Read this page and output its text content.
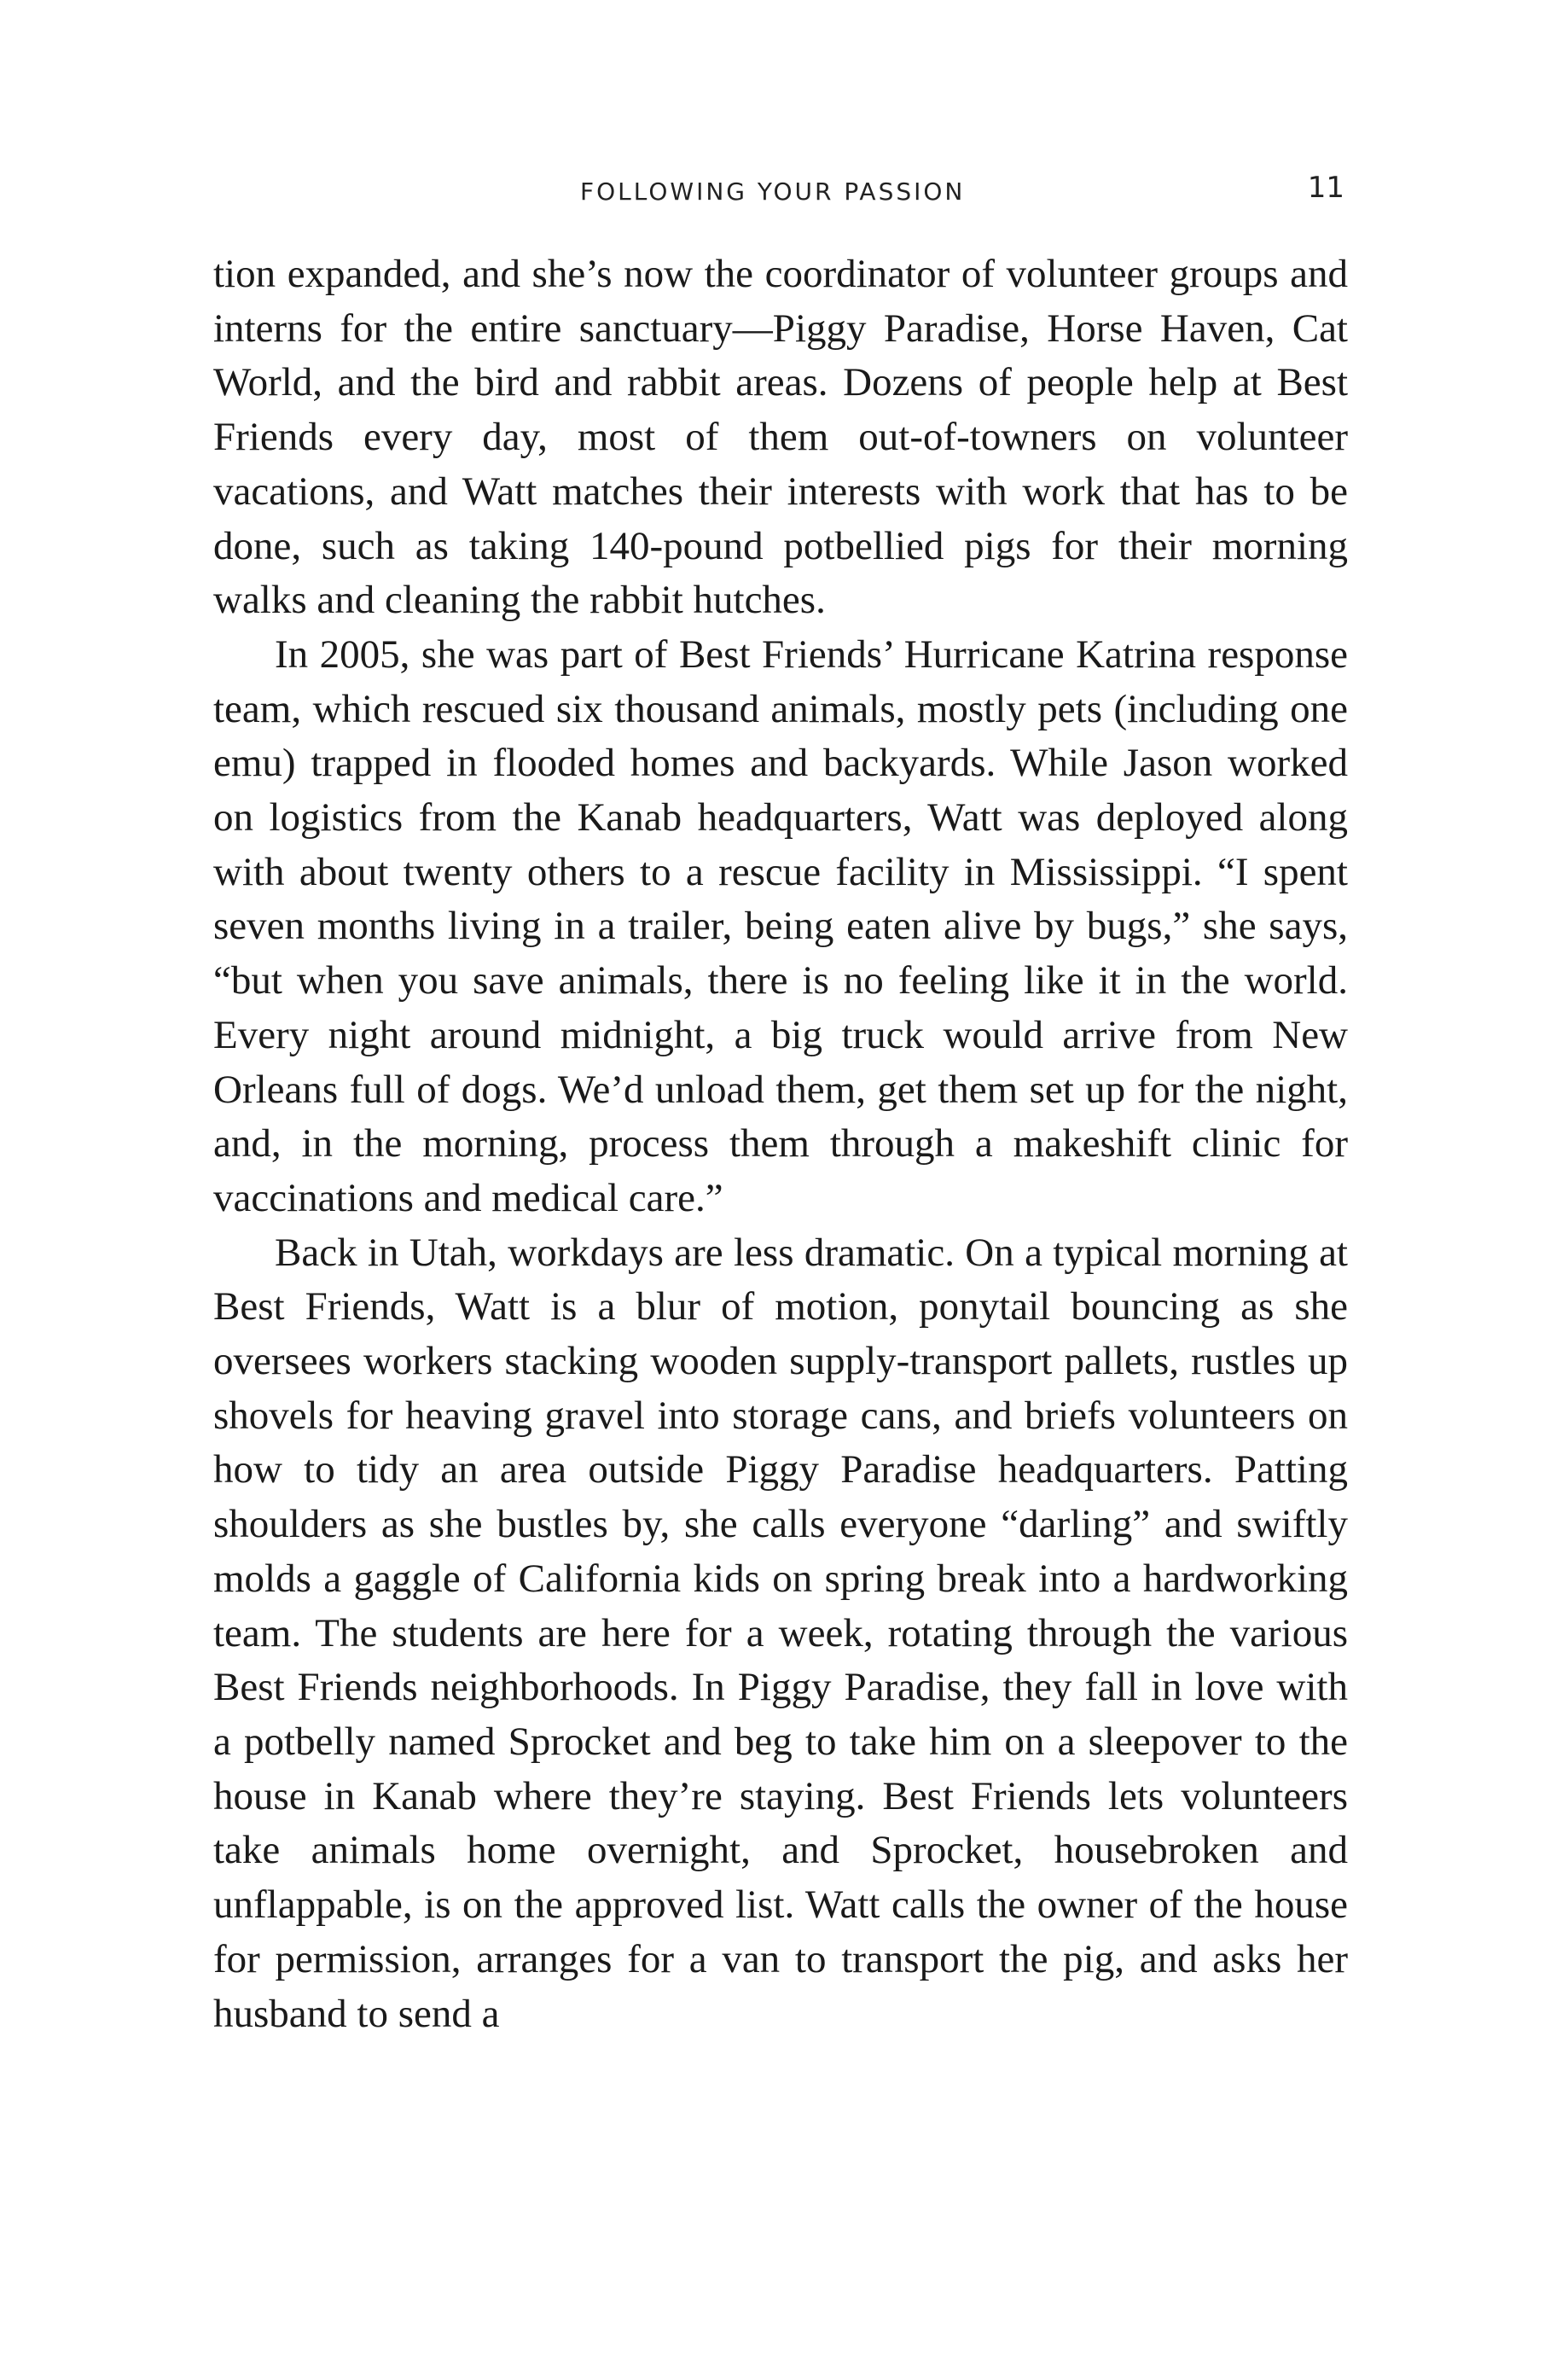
FOLLOWING YOUR PASSION	11

tion expanded, and she’s now the coordinator of volunteer groups and interns for the entire sanctuary—Piggy Paradise, Horse Haven, Cat World, and the bird and rabbit areas. Dozens of people help at Best Friends every day, most of them out-of-towners on volunteer vacations, and Watt matches their interests with work that has to be done, such as taking 140-pound potbellied pigs for their morning walks and cleaning the rabbit hutches.

In 2005, she was part of Best Friends’ Hurricane Katrina response team, which rescued six thousand animals, mostly pets (including one emu) trapped in flooded homes and backyards. While Jason worked on logistics from the Kanab headquarters, Watt was deployed along with about twenty others to a rescue facility in Mississippi. “I spent seven months living in a trailer, being eaten alive by bugs,” she says, “but when you save animals, there is no feeling like it in the world. Every night around midnight, a big truck would arrive from New Orleans full of dogs. We’d unload them, get them set up for the night, and, in the morning, process them through a makeshift clinic for vaccinations and medical care.”

Back in Utah, workdays are less dramatic. On a typical morning at Best Friends, Watt is a blur of motion, ponytail bouncing as she oversees workers stacking wooden supply-transport pallets, rustles up shovels for heaving gravel into storage cans, and briefs volunteers on how to tidy an area outside Piggy Paradise headquarters. Patting shoulders as she bustles by, she calls everyone “darling” and swiftly molds a gaggle of California kids on spring break into a hardworking team. The students are here for a week, rotating through the various Best Friends neighborhoods. In Piggy Paradise, they fall in love with a potbelly named Sprocket and beg to take him on a sleepover to the house in Kanab where they’re staying. Best Friends lets volunteers take animals home overnight, and Sprocket, housebroken and unflappable, is on the approved list. Watt calls the owner of the house for permission, arranges for a van to transport the pig, and asks her husband to send a
